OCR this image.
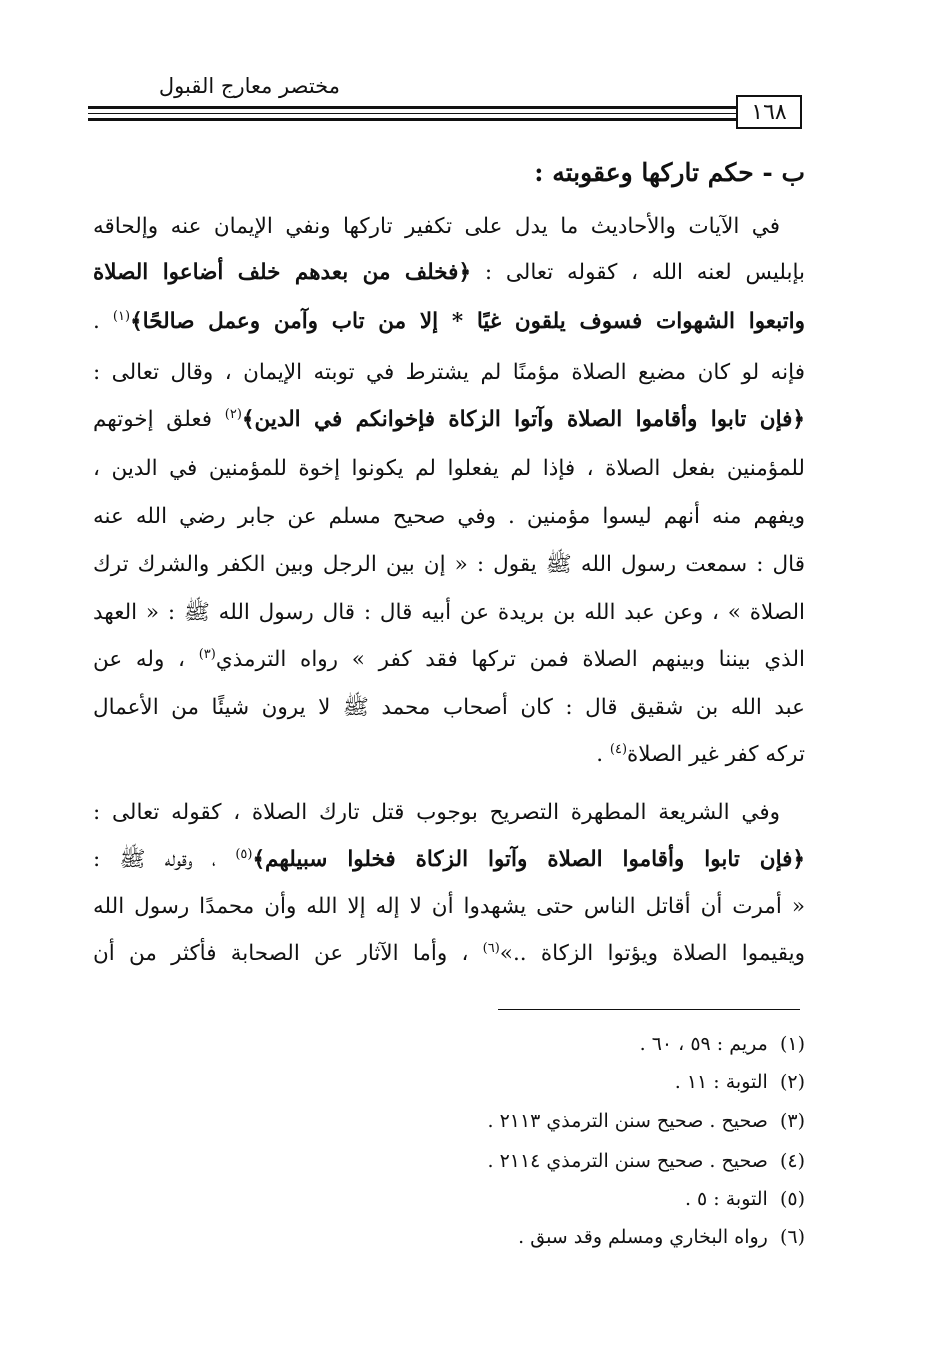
مختصر معارج القبول
١٦٨
ب - حكم تاركها وعقوبته :
في الآيات والأحاديث ما يدل على تكفير تاركها ونفي الإيمان عنه وإلحاقه
بإبليس لعنه الله ، كقوله تعالى : ﴿فخلف من بعدهم خلف أضاعوا الصلاة
واتبعوا الشهوات فسوف يلقون غيًا * إلا من تاب وآمن وعمل صالحًا﴾$^{(١)}$ .
فإنه لو كان مضيع الصلاة مؤمنًا لم يشترط في توبته الإيمان ، وقال تعالى :
﴿فإن تابوا وأقاموا الصلاة وآتوا الزكاة فإخوانكم في الدين﴾$^{(٢)}$ فعلق إخوتهم
للمؤمنين بفعل الصلاة ، فإذا لم يفعلوا لم يكونوا إخوة للمؤمنين في الدين ،
ويفهم منه أنهم ليسوا مؤمنين . وفي صحيح مسلم عن جابر رضي الله عنه
قال : سمعت رسول الله ﷺ يقول : « إن بين الرجل وبين الكفر والشرك ترك
الصلاة » ، وعن عبد الله بن بريدة عن أبيه قال : قال رسول الله ﷺ : « العهد
الذي بيننا وبينهم الصلاة فمن تركها فقد كفر » رواه الترمذي$^{(٣)}$ ، وله عن
عبد الله بن شقيق قال : كان أصحاب محمد ﷺ لا يرون شيئًا من الأعمال
تركه كفر غير الصلاة$^{(٤)}$ .
وفي الشريعة المطهرة التصريح بوجوب قتل تارك الصلاة ، كقوله تعالى :
﴿فإن تابوا وأقاموا الصلاة وآتوا الزكاة فخلوا سبيلهم﴾$^{(٥)}$ ، وقوله ﷺ :
« أمرت أن أقاتل الناس حتى يشهدوا أن لا إله إلا الله وأن محمدًا رسول الله
ويقيموا الصلاة ويؤتوا الزكاة ..»$^{(٦)}$ ، وأما الآثار عن الصحابة فأكثر من أن
(١)  مريم : ٥٩ ، ٦٠ .
(٢)  التوبة : ١١ .
(٣)  صحيح . صحيح سنن الترمذي ٢١١٣ .
(٤)  صحيح . صحيح سنن الترمذي ٢١١٤ .
(٥)  التوبة : ٥ .
(٦)  رواه البخاري ومسلم وقد سبق .
